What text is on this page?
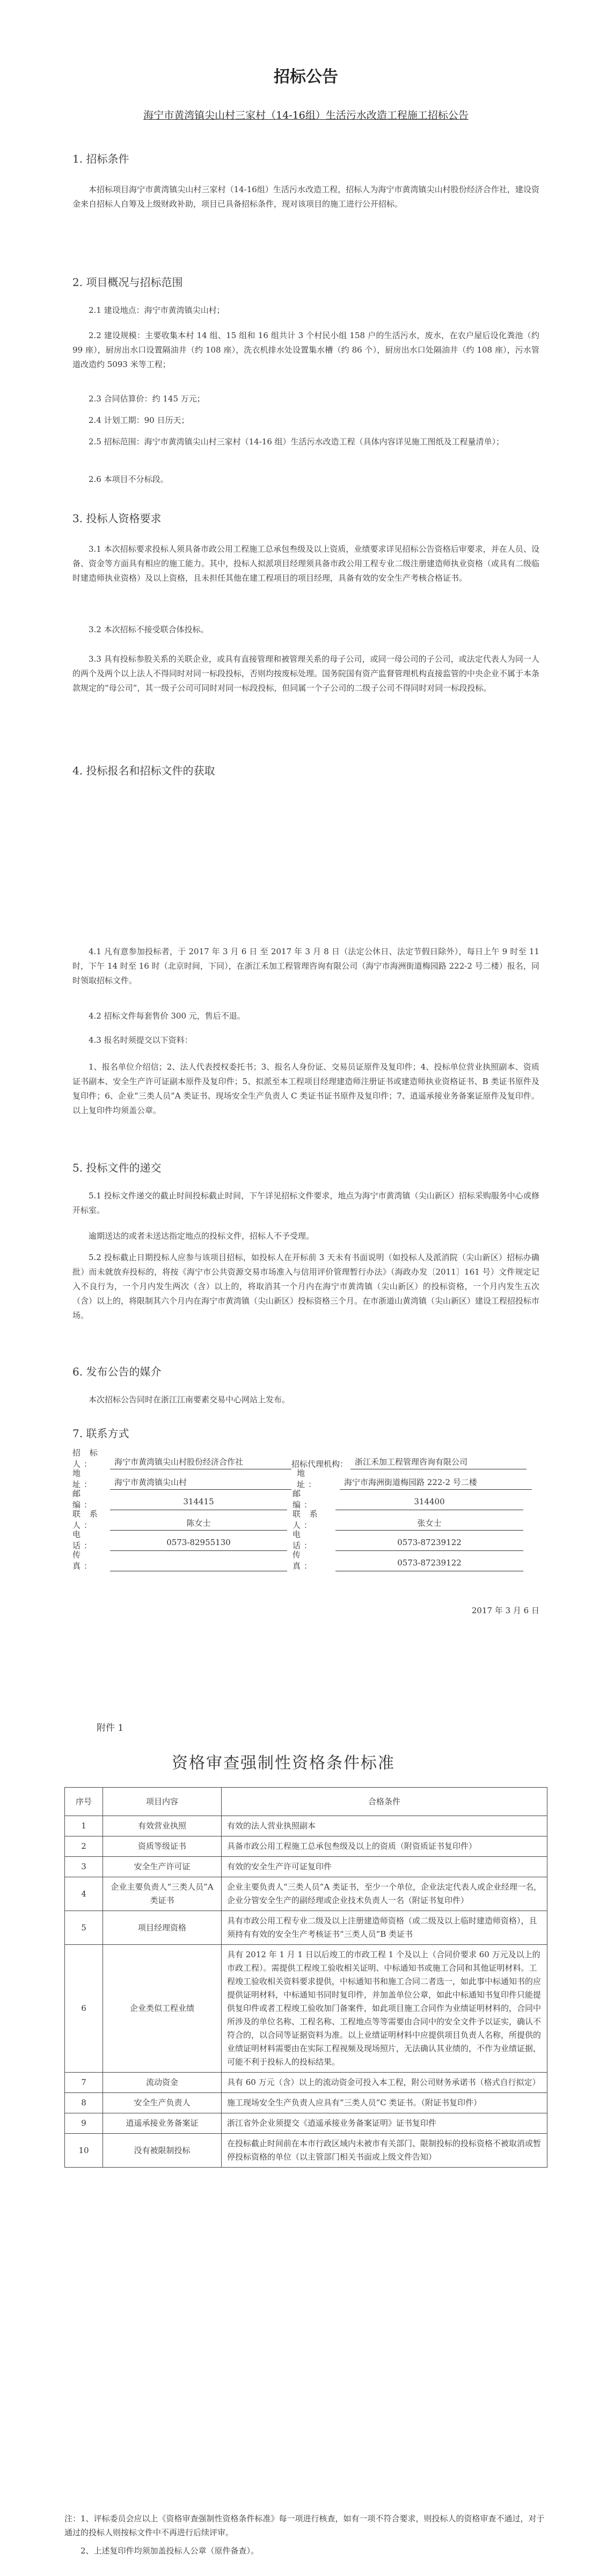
招标公告
海宁市黄湾镇尖山村三家村（14-16组）生活污水改造工程施工招标公告
1. 招标条件
本招标项目海宁市黄湾镇尖山村三家村（14-16组）生活污水改造工程，招标人为海宁市黄湾镇尖山村股份经济合作社，建设资金来自招标人自筹及上级财政补助，项目已具备招标条件，现对该项目的施工进行公开招标。
2. 项目概况与招标范围
2.1 建设地点：海宁市黄湾镇尖山村；
2.2 建设规模：主要收集本村 14 组、15 组和 16 组共计 3 个村民小组 158 户的生活污水，废水，在农户屋后设化粪池（约 99 座），厨房出水口设置隔油井（约 108 座），洗衣机排水处设置集水槽（约 86 个），厨房出水口处隔油井（约 108 座），污水管道改造约 5093 米等工程；
2.3 合同估算价：约 145 万元；
2.4 计划工期：90 日历天；
2.5 招标范围：海宁市黄湾镇尖山村三家村（14-16 组）生活污水改造工程（具体内容详见施工图纸及工程量清单）；
2.6 本项目不分标段。
3. 投标人资格要求
3.1 本次招标要求投标人须具备市政公用工程施工总承包叁级及以上资质，业绩要求详见招标公告资格后审要求，并在人员、设备、资金等方面具有相应的施工能力。其中，投标人拟派项目经理须具备市政公用工程专业二级注册建造师执业资格（或具有二级临时建造师执业资格）及以上资格，且未担任其他在建工程项目的项目经理，具备有效的安全生产考核合格证书。
3.2 本次招标不接受联合体投标。
3.3 具有投标参股关系的关联企业，或具有直接管理和被管理关系的母子公司，或同一母公司的子公司，或法定代表人为同一人的两个及两个以上法人不得同时对同一标段投标，否则均按废标处理。国务院国有资产监督管理机构直接监管的中央企业不属于本条款规定的“母公司”，其一级子公司可同时对同一标段投标，但同属一个子公司的二级子公司不得同时对同一标段投标。
4. 投标报名和招标文件的获取
4.1 凡有意参加投标者，于 2017 年 3 月 6 日 至 2017 年 3 月 8 日（法定公休日、法定节假日除外），每日上午 9 时至 11 时，下午 14 时至 16 时（北京时间，下同），在浙江禾加工程管理咨询有限公司（海宁市海洲街道梅园路 222-2 号二楼）报名，同时领取招标文件。
4.2 招标文件每套售价 300 元，售后不退。
4.3 报名时须提交以下资料：
1、报名单位介绍信；2、法人代表授权委托书；3、报名人身份证、交易员证原件及复印件；4、投标单位营业执照副本、资质证书副本、安全生产许可证副本原件及复印件；5、拟派至本工程项目经理建造师注册证书或建造师执业资格证书、B 类证书原件及复印件；6、企业“三类人员”A 类证书、现场安全生产负责人 C 类证书证书原件及复印件；7、逍遥承接业务备案证原件及复印件。以上复印件均须盖公章。
5. 投标文件的递交
5.1 投标文件递交的截止时间投标截止时间，下午详见招标文件要求，地点为海宁市黄湾镇（尖山新区）招标采购服务中心或修开标室。
逾期送达的或者未送达指定地点的投标文件，招标人不予受理。
5.2 投标截止日期投标人应参与该项目招标，如投标人在开标前 3 天未有书面说明（如投标人及派消院（尖山新区）招标办确批）而未就放弃投标的，将按《海宁市公共资源交易市场准入与信用评价管理暂行办法》（海政办发〔2011〕161 号）文件规定记入不良行为，一个月内发生两次（含）以上的，将取消其一个月内在海宁市黄湾镇（尖山新区）的投标资格，一个月内发生五次（含）以上的，将限制其六个月内在海宁市黄湾镇（尖山新区）投标资格三个月。在市浙道山黄湾镇（尖山新区）建设工程招投标市场。
6. 发布公告的媒介
本次招标公告同时在浙江江南要素交易中心网站上发布。
7. 联系方式
招 标 人：	海宁市黄湾镇尖山村股份经济合作社	招标代理机构： 浙江禾加工程管理咨询有限公司
地　　址：	海宁市黄湾镇尖山村
地　　址：	海宁市海洲街道梅园路 222-2 号二楼
邮　　编：	314415
邮　　编：	314400
联 系 人：	陈女士
联 系 人：	张女士
电　　话：	0573-82955130
电　　话：	0573-87239122
传　　真：
传　　真：	0573-87239122
2017 年 3 月 6 日
附件 1
资格审查强制性资格条件标准
序号	项目内容	合格条件
1	有效营业执照	有效的法人营业执照副本
2	资质等级证书	具备市政公用工程施工总承包叁级及以上的资质（附资质证书复印件）
3	安全生产许可证	有效的安全生产许可证复印件
4	企业主要负责人“三类人员”A 类证书	企业主要负责人“三类人员”A 类证书，至少一个单位，企业法定代表人或企业经理一名，企业分管安全生产的副经理或企业技术负责人一名（附证书复印件）
5	项目经理资格	具有市政公用工程专业二级及以上注册建造师资格（或二级及以上临时建造师资格），且须持有有效的安全生产考核证书“三类人员”B 类证书
6	企业类似工程业绩	具有 2012 年 1 月 1 日以后竣工的市政工程 1 个及以上（合同价要求 60 万元及以上的市政工程）。需提供工程竣工验收相关证明、中标通知书或施工合同和其他证明材料。工程竣工验收相关资料要求提供，中标通知书和施工合同二者选一，如此事中标通知书的应提供证明材料，中标通知书同时复印件，并加盖单位公章，如此中标通知书复印件只能提供复印件或者工程竣工验收加门备案件，如此项目施工合同作为业绩证明材料的，合同中所涉及的单位名称、工程名称、工程地点等等需要由合同中的安全文件予以证实，确认不符合的，以合同等证据资料为准。以上业绩证明材料中应提供项目负责人名称，所提供的业绩证明材料需要由在实际工程视频及现场照片，无法确认其业绩的，不作为业绩证据，可能不利于投标人的投标结果。
7	流动资金	具有 60 万元（含）以上的流动资金可投入本工程，附公司财务承诺书（格式自行拟定）
8	安全生产负责人	施工现场安全生产负责人应具有“三类人员”C 类证书。（附证书复印件）
9	逍遥承接业务备案证	浙江省外企业须提交《逍遥承接业务备案证明》证书复印件
10	没有被限制投标	在投标截止时间前在本市行政区域内未被市有关部门、限制投标的投标资格不被取消或暂停投标资格的单位（以主管部门相关书面或上级文件告知）
注：1、评标委员会应以上《资格审查强制性资格条件标准》每一项进行核查，如有一项不符合要求，则投标人的资格审查不通过，对于通过的投标人则按标文件中不再进行后续评审。
2、上述复印件均须加盖投标人公章（原件备查）。
